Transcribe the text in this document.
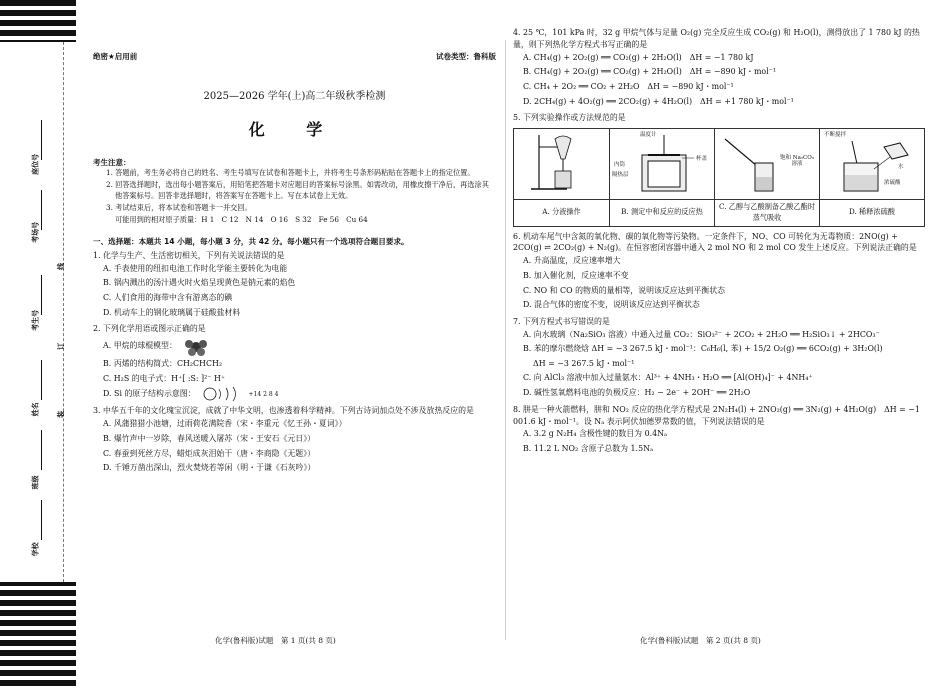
座位号
考场号
线
考生号
订
姓名 装
班级
学校
绝密★启用前	试卷类型：鲁科版
2025—2026 学年(上)高二年级秋季检测
化 学
考生注意：
1. 答题前，考生务必将自己的姓名、考生号填写在试卷和答题卡上，并将考生号条形码粘贴在答题卡上的指定位置。
2. 回答选择题时，选出每小题答案后，用铅笔把答题卡对应题目的答案标号涂黑。如需改动，用橡皮擦干净后，再选涂其他答案标号。回答非选择题时，将答案写在答题卡上。写在本试卷上无效。
3. 考试结束后，将本试卷和答题卡一并交回。
可能用到的相对原子质量：H 1　C 12　N 14　O 16　S 32　Fe 56　Cu 64
一、选择题：本题共 14 小题，每小题 3 分，共 42 分。每小题只有一个选项符合题目要求。
1. 化学与生产、生活密切相关，下列有关说法错误的是
A. 手表使用的纽扣电池工作时化学能主要转化为电能
B. 锅内溅出的汤汁遇火时火焰呈现黄色是钠元素的焰色
C. 人们食用的海带中含有游离态的碘
D. 机动车上的钢化玻璃属于硅酸盐材料
2. 下列化学用语或图示正确的是
A. 甲烷的球棍模型：
B. 丙烯的结构简式：CH₂CHCH₂
C. H₂S 的电子式：H⁺[ :S: ]²⁻ H⁺
D. Si 的原子结构示意图：	+14 2 8 4
3. 中华五千年的文化瑰宝沉淀，成就了中华文明，也渗透着科学精神。下列古诗词加点处不涉及放热反应的是
A. 风蒲猎猎小池塘，过雨荷花满院香（宋・李重元《忆王孙・夏词》）
B. 爆竹声中一岁除，春风送暖入屠苏（宋・王安石《元日》）
C. 春蚕到死丝方尽，蜡炬成灰泪始干（唐・李商隐《无题》）
D. 千锤万凿出深山，烈火焚烧若等闲（明・于谦《石灰吟》）
4. 25 ℃，101 kPa 时，32 g 甲烷气体与足量 O₂(g) 完全反应生成 CO₂(g) 和 H₂O(l)，测得放出了 1 780 kJ 的热量，则下列热化学方程式书写正确的是
A. CH₄(g) + 2O₂(g) ══ CO₂(g) + 2H₂O(l)　ΔH = −1 780 kJ
B. CH₄(g) + 2O₂(g) ══ CO₂(g) + 2H₂O(l)　ΔH = −890 kJ・mol⁻¹
C. CH₄ + 2O₂ ══ CO₂ + 2H₂O　ΔH = −890 kJ・mol⁻¹
D. 2CH₄(g) + 4O₂(g) ══ 2CO₂(g) + 4H₂O(l)　ΔH = +1 780 kJ・mol⁻¹
5. 下列实验操作或方法规范的是

温度计
内筒
隔热层
杯盖	饱和 Na₂CO₃ 溶液	不断搅拌
水
浓硫酸

A. 分液操作	B. 测定中和反应的反应热	C. 乙醇与乙酸制备乙酸乙酯时蒸气吸收	D. 稀释浓硫酸
6. 机动车尾气中含氮的氧化物、碳的氧化物等污染物。一定条件下，NO、CO 可转化为无毒物质：2NO(g) + 2CO(g) ⇌ 2CO₂(g) + N₂(g)。在恒容密闭容器中通入 2 mol NO 和 2 mol CO 发生上述反应。下列说法正确的是
A. 升高温度，反应速率增大
B. 加入催化剂，反应速率不变
C. NO 和 CO 的物质的量相等，说明该反应达到平衡状态
D. 混合气体的密度不变，说明该反应达到平衡状态
7. 下列方程式书写错误的是
A. 向水玻璃（Na₂SiO₃ 溶液）中通入过量 CO₂：SiO₃²⁻ + 2CO₂ + 2H₂O ══ H₂SiO₃↓ + 2HCO₃⁻
B. 苯的摩尔燃烧焓 ΔH = −3 267.5 kJ・mol⁻¹：C₆H₆(l, 苯) + 15/2 O₂(g) ══ 6CO₂(g) + 3H₂O(l)
ΔH = −3 267.5 kJ・mol⁻¹
C. 向 AlCl₃ 溶液中加入过量氨水：Al³⁺ + 4NH₃・H₂O ══ [Al(OH)₄]⁻ + 4NH₄⁺
D. 碱性氢氧燃料电池的负极反应：H₂ − 2e⁻ + 2OH⁻ ══ 2H₂O
8. 肼是一种火箭燃料，肼和 NO₂ 反应的热化学方程式是 2N₂H₄(l) + 2NO₂(g) ══ 3N₂(g) + 4H₂O(g)　ΔH = −1 001.6 kJ・mol⁻¹。设 Nₐ 表示阿伏加德罗常数的值，下列说法错误的是
A. 3.2 g N₂H₄ 含极性键的数目为 0.4Nₐ
B. 11.2 L NO₂ 含原子总数为 1.5Nₐ
化学(鲁科版)试题　第 1 页(共 8 页)	化学(鲁科版)试题　第 2 页(共 8 页)
